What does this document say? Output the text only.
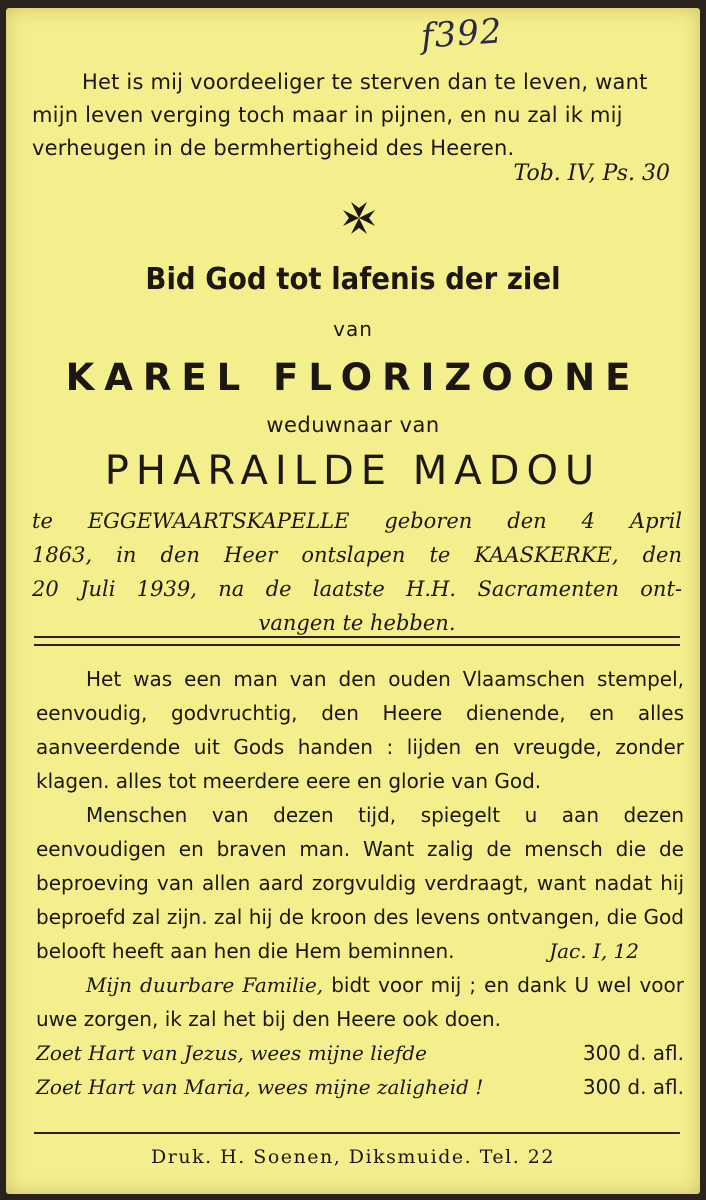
f392

Het is mij voordeeliger te sterven dan te leven, want

mijn leven verging toch maar in pijnen, en nu zal ik mij

verheugen in de bermhertigheid des Heeren.

Tob. IV, Ps. 30
Bid God tot lafenis der ziel
van
KAREL FLORIZOONE
weduwnaar van
PHARAILDE MADOU
te EGGEWAARTSKAPELLE geboren den 4 April
1863, in den Heer ontslapen te KAASKERKE, den
20 Juli 1939, na de laatste H.H. Sacramenten ont-
vangen te hebben.

Het was een man van den ouden Vlaamschen stempel, eenvoudig, godvruchtig, den Heere dienende, en alles aanveerdende uit Gods handen : lijden en vreugde, zonder klagen. alles tot meerdere eere en glorie van God.

Menschen van dezen tijd, spiegelt u aan dezen eenvoudigen en braven man. Want zalig de mensch die de beproeving van allen aard zorgvuldig verdraagt, want nadat hij beproefd zal zijn. zal hij de kroon des levens ontvangen, die God belooft heeft aan hen die Hem beminnen.	Jac. I, 12

Mijn duurbare Familie, bidt voor mij ; en dank U wel voor uwe zorgen, ik zal het bij den Heere ook doen.

Zoet Hart van Jezus, wees mijne liefde	300 d. afl.
Zoet Hart van Maria, wees mijne zaligheid !	300 d. afl.
Druk. H. Soenen, Diksmuide. Tel. 22
